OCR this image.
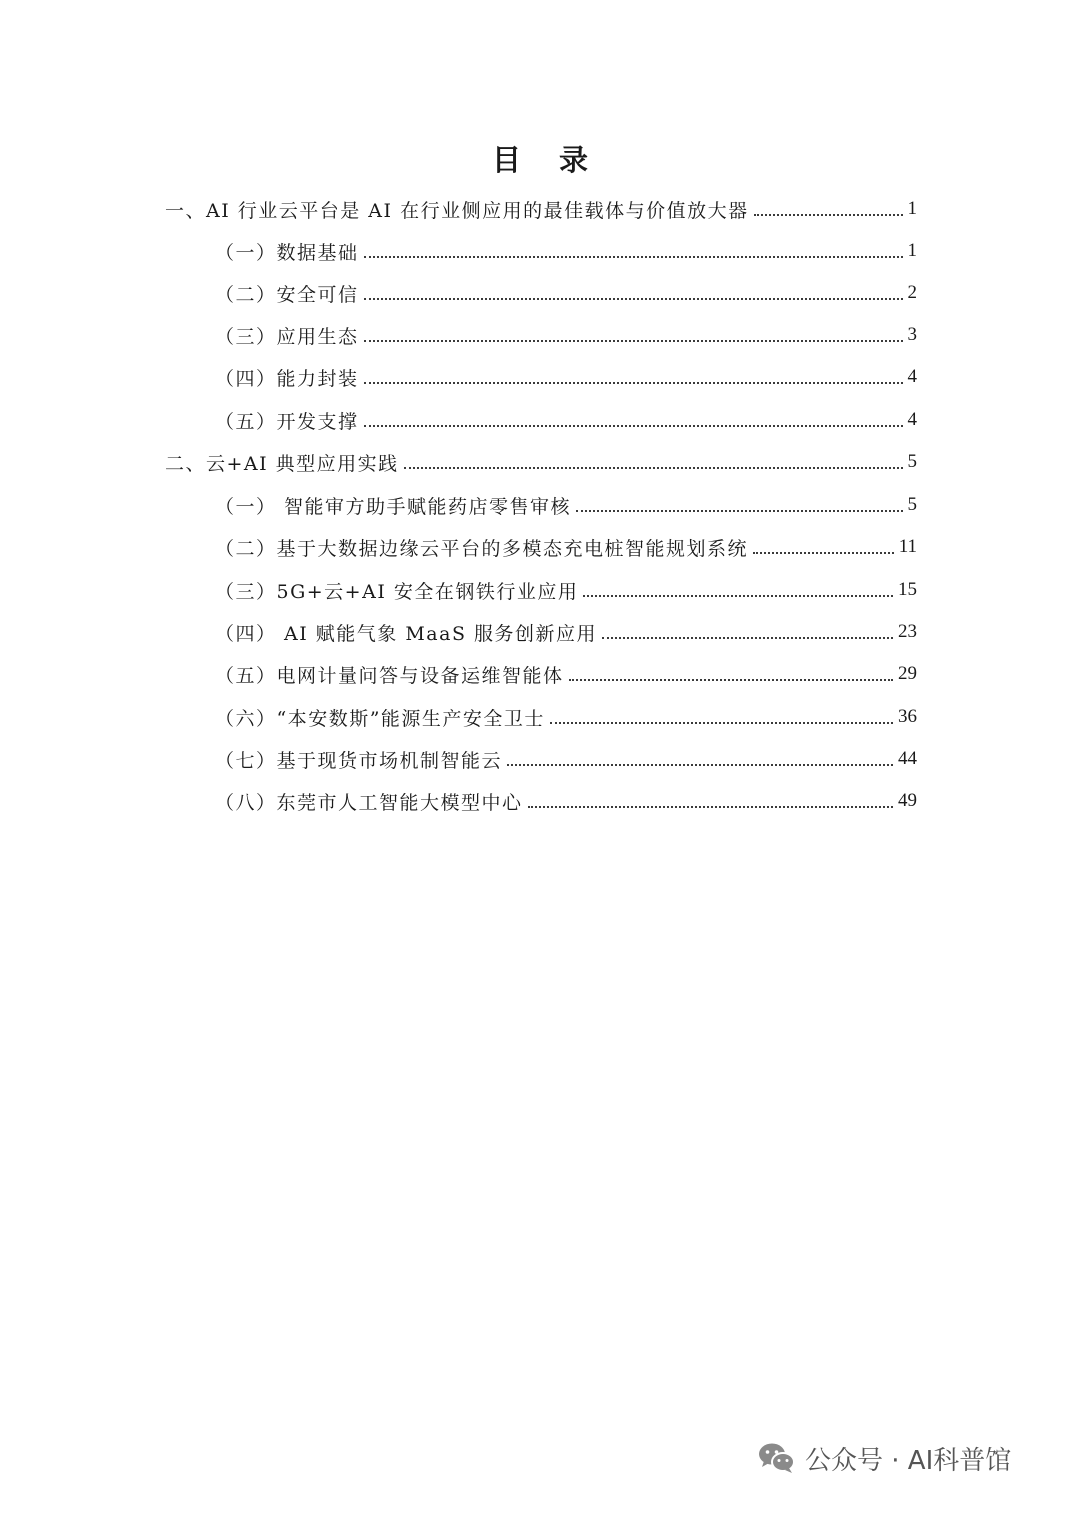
目 录
一、AI 行业云平台是 AI 在行业侧应用的最佳载体与价值放大器	1
（一）数据基础	1
（二）安全可信	2
（三）应用生态	3
（四）能力封装	4
（五）开发支撑	4
二、云+AI 典型应用实践	5
（一） 智能审方助手赋能药店零售审核	5
（二）基于大数据边缘云平台的多模态充电桩智能规划系统	11
（三）5G+云+AI 安全在钢铁行业应用	15
（四） AI 赋能气象 MaaS 服务创新应用	23
（五）电网计量问答与设备运维智能体	29
（六）“本安数斯”能源生产安全卫士	36
（七）基于现货市场机制智能云	44
（八）东莞市人工智能大模型中心	49
公众号 · AI科普馆
